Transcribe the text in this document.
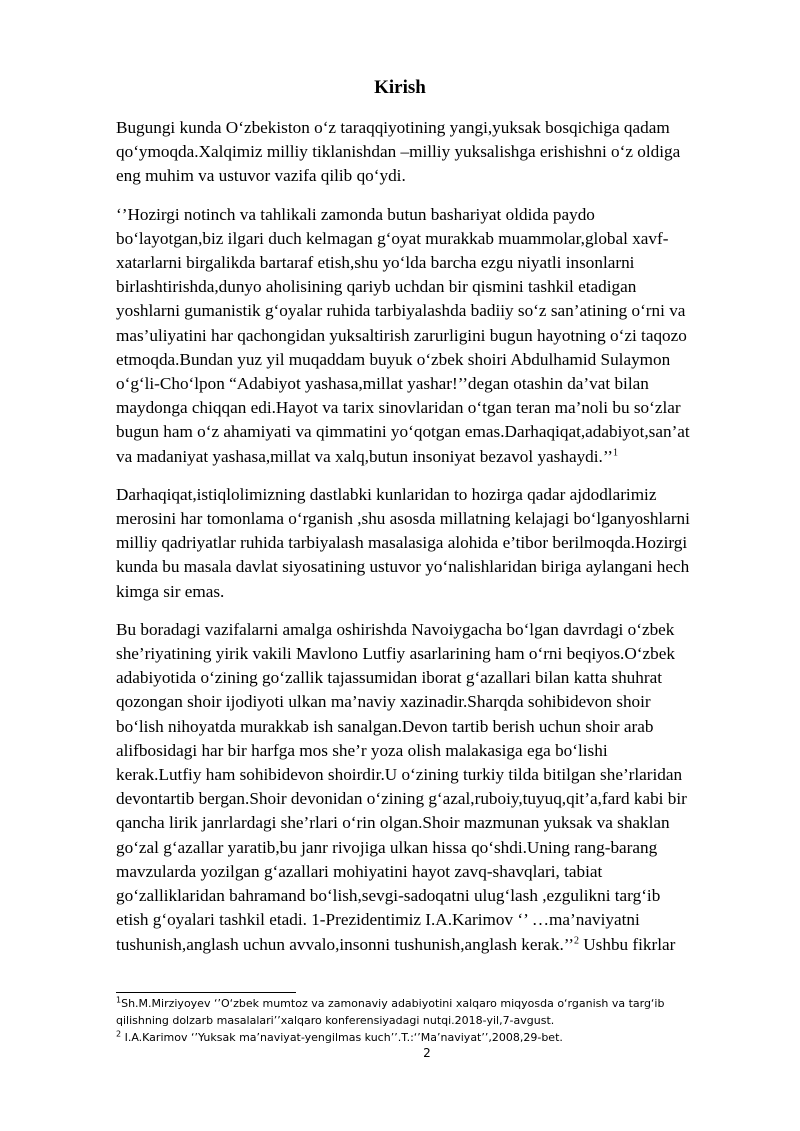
Kirish

Bugungi kunda O‘zbekiston o‘z taraqqiyotining yangi,yuksak bosqichiga qadam qo‘ymoqda.Xalqimiz milliy tiklanishdan –milliy yuksalishga erishishni o‘z oldiga eng muhim va ustuvor vazifa qilib qo‘ydi.

‘’Hozirgi notinch va tahlikali zamonda butun bashariyat oldida paydo bo‘layotgan,biz ilgari duch kelmagan g‘oyat murakkab muammolar,global xavf-xatarlarni birgalikda bartaraf etish,shu yo‘lda barcha ezgu niyatli insonlarni birlashtirishda,dunyo aholisining qariyb uchdan bir qismini tashkil etadigan yoshlarni gumanistik g‘oyalar ruhida tarbiyalashda badiiy so‘z san’atining o‘rni va mas’uliyatini har qachongidan yuksaltirish zarurligini bugun hayotning o‘zi taqozo etmoqda.Bundan yuz yil muqaddam buyuk o‘zbek shoiri Abdulhamid Sulaymon o‘g‘li-Cho‘lpon “Adabiyot yashasa,millat yashar!’’degan otashin da’vat bilan maydonga chiqqan edi.Hayot va tarix sinovlaridan o‘tgan teran ma’noli bu so‘zlar bugun ham o‘z ahamiyati va qimmatini yo‘qotgan emas.Darhaqiqat,adabiyot,san’at va madaniyat yashasa,millat va xalq,butun insoniyat bezavol yashaydi.’’$^1$

Darhaqiqat,istiqlolimizning dastlabki kunlaridan to hozirga qadar ajdodlarimiz merosini har tomonlama o‘rganish ,shu asosda millatning kelajagi bo‘lganyoshlarni milliy qadriyatlar ruhida tarbiyalash masalasiga alohida e’tibor berilmoqda.Hozirgi kunda bu masala davlat siyosatining ustuvor yo‘nalishlaridan biriga aylangani hech kimga sir emas.

Bu boradagi vazifalarni amalga oshirishda Navoiygacha bo‘lgan davrdagi o‘zbek she’riyatining yirik vakili Mavlono Lutfiy asarlarining ham o‘rni beqiyos.O‘zbek adabiyotida o‘zining go‘zallik tajassumidan iborat g‘azallari bilan katta shuhrat qozongan shoir ijodiyoti ulkan ma’naviy xazinadir.Sharqda sohibidevon shoir bo‘lish nihoyatda murakkab ish sanalgan.Devon tartib berish uchun shoir arab alifbosidagi har bir harfga mos she’r yoza olish malakasiga ega bo‘lishi kerak.Lutfiy ham sohibidevon shoirdir.U o‘zining turkiy tilda bitilgan she’rlaridan devontartib bergan.Shoir devonidan o‘zining g‘azal,ruboiy,tuyuq,qit’a,fard kabi bir qancha lirik janrlardagi she’rlari o‘rin olgan.Shoir mazmunan yuksak va shaklan go‘zal g‘azallar yaratib,bu janr rivojiga ulkan hissa qo‘shdi.Uning rang-barang mavzularda yozilgan g‘azallari mohiyatini hayot zavq-shavqlari, tabiat go‘zalliklaridan bahramand bo‘lish,sevgi-sadoqatni ulug‘lash ,ezgulikni targ‘ib etish g‘oyalari tashkil etadi. 1-Prezidentimiz I.A.Karimov ‘’ …ma’naviyatni tushunish,anglash uchun avvalo,insonni tushunish,anglash kerak.’’$^2$ Ushbu fikrlar

$^1$Sh.M.Mirziyoyev ‘’O‘zbek mumtoz va zamonaviy adabiyotini xalqaro miqyosda o‘rganish va targ‘ib qilishning dolzarb masalalari’’xalqaro konferensiyadagi nutqi.2018-yil,7-avgust.

$^2$ I.A.Karimov ‘’Yuksak ma’naviyat-yengilmas kuch’’.T.:‘’Ma’naviyat’’,2008,29-bet.

2
